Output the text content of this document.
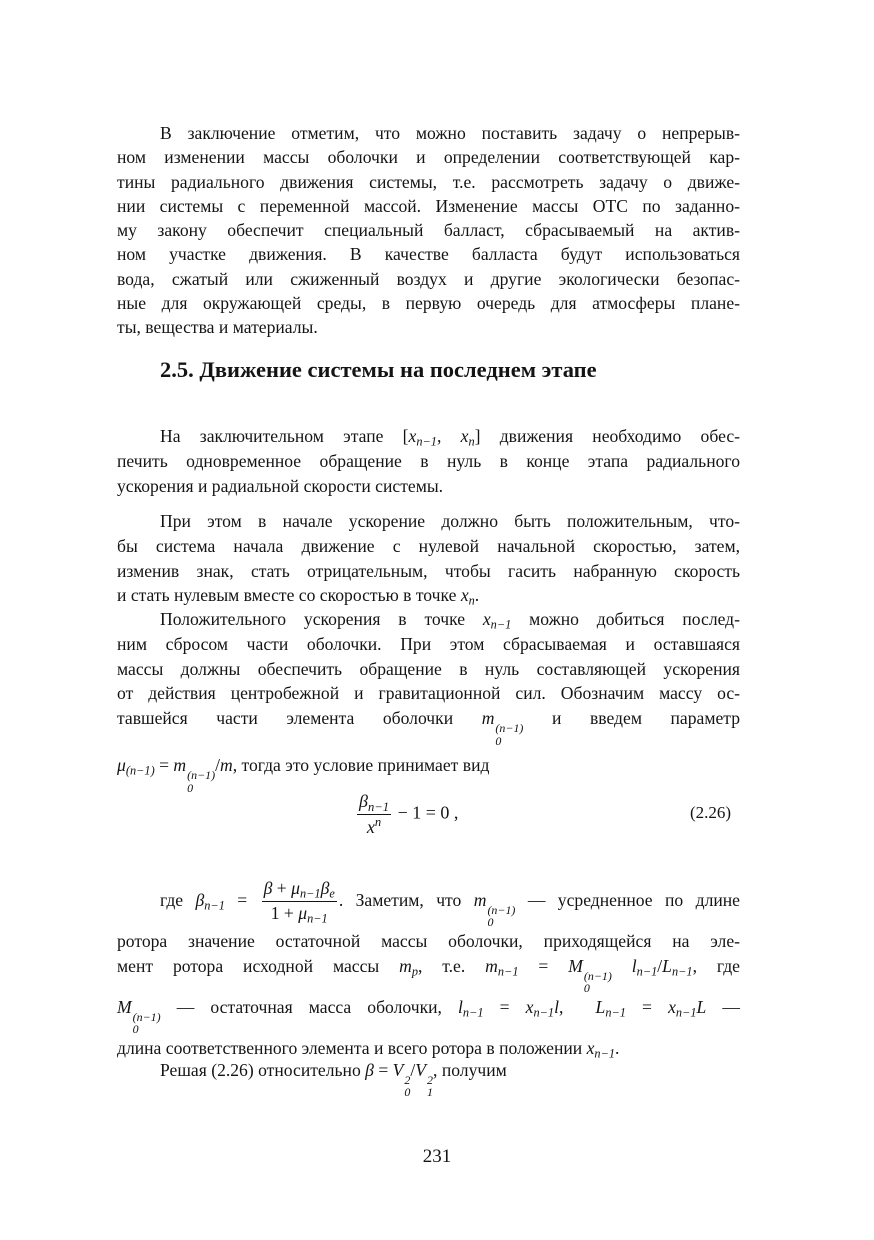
В заключение отметим, что можно поставить задачу о непрерыв-
ном изменении массы оболочки и определении соответствующей кар-
тины радиального движения системы, т.е. рассмотреть задачу о движе-
нии системы с переменной массой. Изменение массы ОТС по заданно-
му закону обеспечит специальный балласт, сбрасываемый на актив-
ном участке движения. В качестве балласта будут использоваться
вода, сжатый или сжиженный воздух и другие экологически безопас-
ные для окружающей среды, в первую очередь для атмосферы плане-
ты, вещества и материалы.
2.5. Движение системы на последнем этапе
На заключительном этапе [$x_{n-1}$, $x_n$] движения необходимо обес-
печить одновременное обращение в нуль в конце этапа радиального
ускорения и радиальной скорости системы.
При этом в начале ускорение должно быть положительным, что-
бы система начала движение с нулевой начальной скоростью, затем,
изменив знак, стать отрицательным, чтобы гасить набранную скорость
и стать нулевым вместе со скоростью в точке $x_n$.
Положительного ускорения в точке $x_{n-1}$ можно добиться послед-
ним сбросом части оболочки. При этом сбрасываемая и оставшаяся
массы должны обеспечить обращение в нуль составляющей ускорения
от действия центробежной и гравитационной сил. Обозначим массу ос-
тавшейся части элемента оболочки m (n−1)
0
и введем параметр
$\mu_{(n-1)} = m$ (n−1)
0
/m, тогда это условие принимает вид
$\frac{\beta_{n-1}}{x^n} - 1 = 0$ ,	(2.26)
где $\beta_{n-1} = \frac{\beta + \mu_{n-1}\beta_e}{1 + \mu_{n-1}}$ . Заметим, что m (n−1)
0
— усредненное по длине
ротора значение остаточной массы оболочки, приходящейся на эле-
мент ротора исходной массы $m_р$, т.е. $m_{n-1} = M$ (n−1)
0
$l_{n-1}/L_{n-1}$, где
M (n−1)
0
— остаточная масса оболочки, $l_{n-1} = x_{n-1}l$,  $L_{n-1} = x_{n-1}L$ —
длина соответственного элемента и всего ротора в положении $x_{n-1}$.
Решая (2.26) относительно β = V 2
0
/V 2
1
, получим
231
